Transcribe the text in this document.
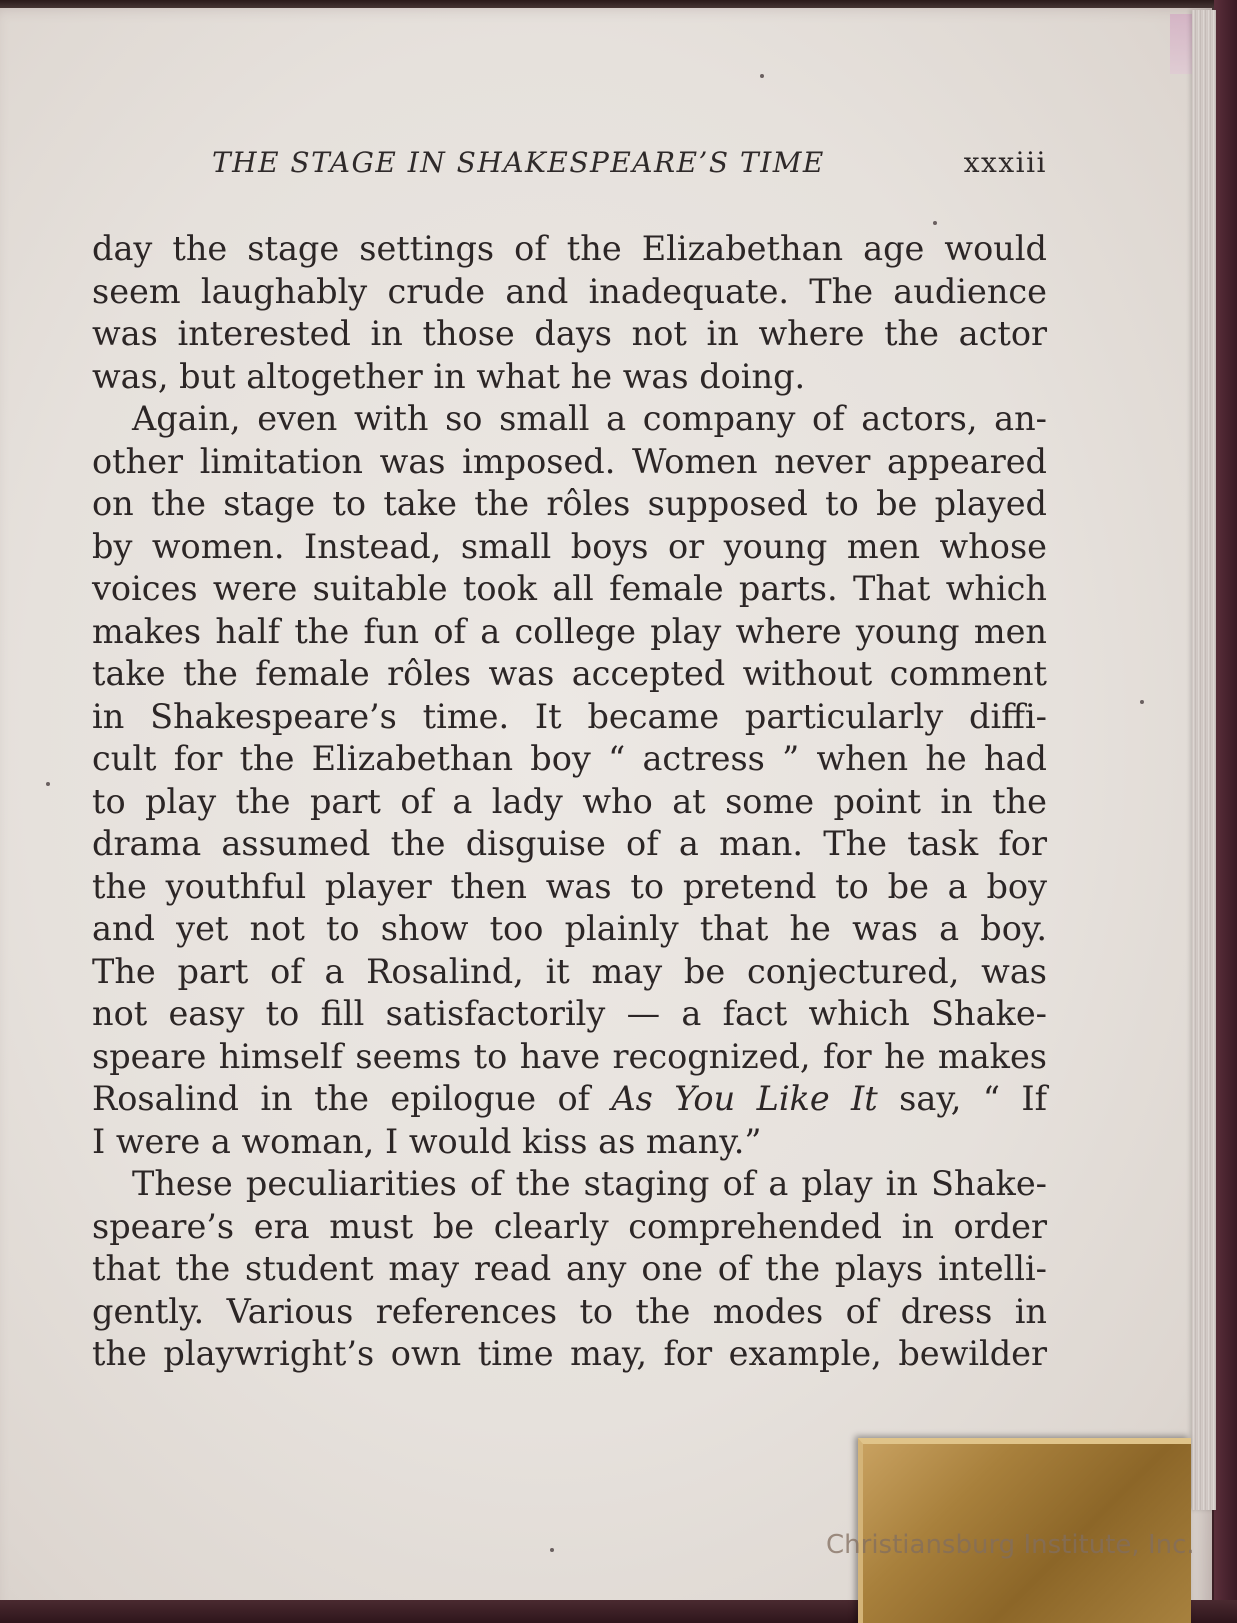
THE STAGE IN SHAKESPEARE’S TIME	xxxiii
day the stage settings of the Elizabethan age would
seem laughably crude and inadequate. The audience
was interested in those days not in where the actor
was, but altogether in what he was doing.
Again, even with so small a company of actors, an-
other limitation was imposed. Women never appeared
on the stage to take the rôles supposed to be played
by women. Instead, small boys or young men whose
voices were suitable took all female parts. That which
makes half the fun of a college play where young men
take the female rôles was accepted without comment
in Shakespeare’s time. It became particularly diffi-
cult for the Elizabethan boy “ actress ” when he had
to play the part of a lady who at some point in the
drama assumed the disguise of a man. The task for
the youthful player then was to pretend to be a boy
and yet not to show too plainly that he was a boy.
The part of a Rosalind, it may be conjectured, was
not easy to fill satisfactorily — a fact which Shake-
speare himself seems to have recognized, for he makes
Rosalind in the epilogue of As You Like It say, “ If
I were a woman, I would kiss as many.”
These peculiarities of the staging of a play in Shake-
speare’s era must be clearly comprehended in order
that the student may read any one of the plays intelli-
gently. Various references to the modes of dress in
the playwright’s own time may, for example, bewilder
Christiansburg Institute, Inc.
